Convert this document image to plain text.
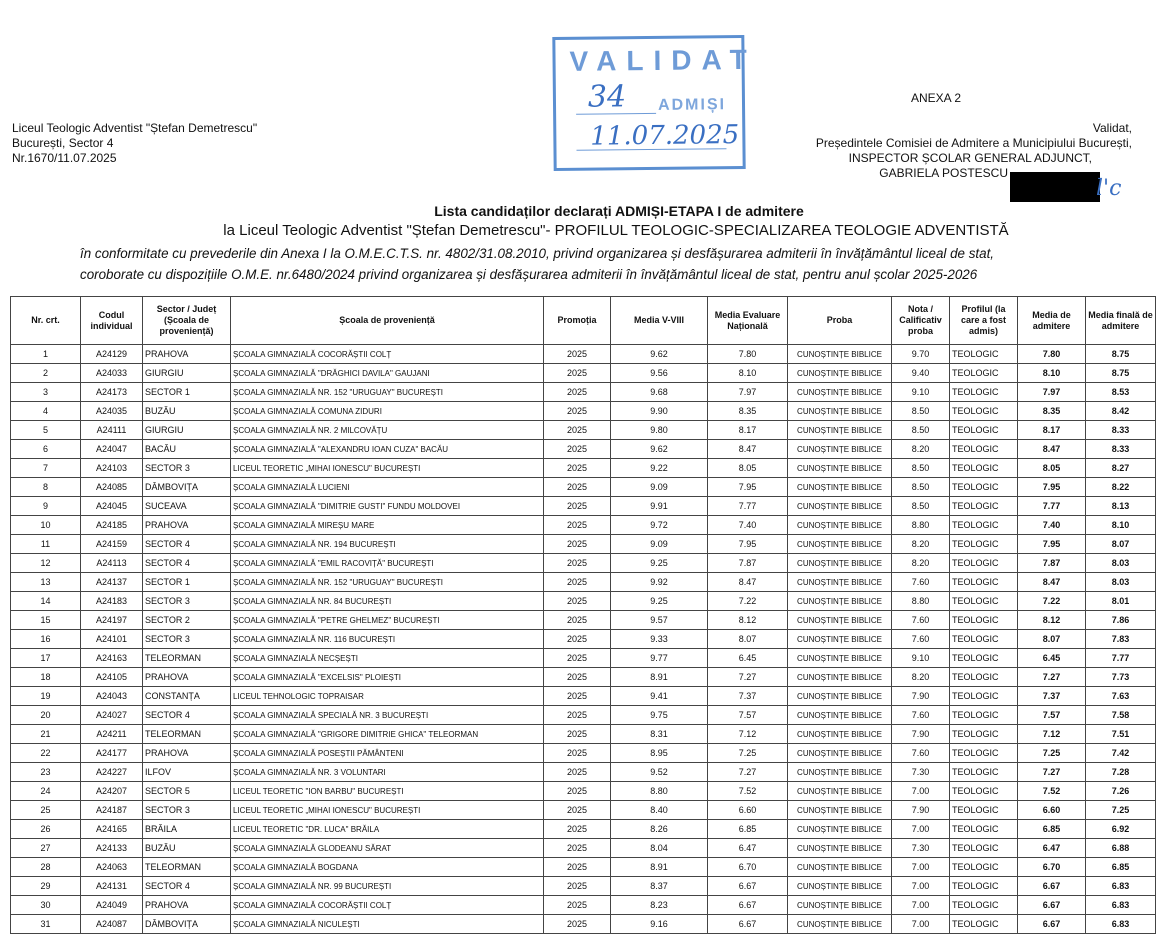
Liceul Teologic Adventist "Ștefan Demetrescu"
București, Sector 4
Nr.1670/11.07.2025
VALIDAT
34 ADMIȘI
11.07.2025
ANEXA 2
Validat,
Președintele Comisiei de Admitere a Municipiului București,
INSPECTOR ȘCOLAR GENERAL ADJUNCT,
GABRIELA POSTESCU
l'c
Lista candidaților declarați ADMIȘI-ETAPA I de admitere
la Liceul Teologic Adventist "Ștefan Demetrescu"- PROFILUL TEOLOGIC-SPECIALIZAREA TEOLOGIE ADVENTISTĂ
în conformitate cu prevederile din Anexa I la O.M.E.C.T.S. nr. 4802/31.08.2010, privind organizarea și desfășurarea admiterii în învățământul liceal de stat,
coroborate cu dispozițiile O.M.E. nr.6480/2024 privind organizarea și desfășurarea admiterii în învățământul liceal de stat, pentru anul școlar 2025-2026
Nr. crt.	Codul individual	Sector / Județ (Școala de proveniență)	Școala de proveniență	Promoția	Media V-VIII	Media Evaluare Națională	Proba	Nota / Calificativ proba	Profilul (la care a fost admis)	Media de admitere	Media finală de admitere
1	A24129	PRAHOVA	ȘCOALA GIMNAZIALĂ COCORĂȘTII COLȚ	2025	9.62	7.80	CUNOȘTINȚE BIBLICE	9.70	TEOLOGIC	7.80	8.75
2	A24033	GIURGIU	ȘCOALA GIMNAZIALĂ "DRĂGHICI DAVILA" GAUJANI	2025	9.56	8.10	CUNOȘTINȚE BIBLICE	9.40	TEOLOGIC	8.10	8.75
3	A24173	SECTOR 1	ȘCOALA GIMNAZIALĂ NR. 152 "URUGUAY" BUCUREȘTI	2025	9.68	7.97	CUNOȘTINȚE BIBLICE	9.10	TEOLOGIC	7.97	8.53
4	A24035	BUZĂU	ȘCOALA GIMNAZIALĂ COMUNA ZIDURI	2025	9.90	8.35	CUNOȘTINȚE BIBLICE	8.50	TEOLOGIC	8.35	8.42
5	A24111	GIURGIU	ȘCOALA GIMNAZIALĂ NR. 2 MILCOVĂȚU	2025	9.80	8.17	CUNOȘTINȚE BIBLICE	8.50	TEOLOGIC	8.17	8.33
6	A24047	BACĂU	ȘCOALA GIMNAZIALĂ "ALEXANDRU IOAN CUZA" BACĂU	2025	9.62	8.47	CUNOȘTINȚE BIBLICE	8.20	TEOLOGIC	8.47	8.33
7	A24103	SECTOR 3	LICEUL TEORETIC „MIHAI IONESCU" BUCUREȘTI	2025	9.22	8.05	CUNOȘTINȚE BIBLICE	8.50	TEOLOGIC	8.05	8.27
8	A24085	DÂMBOVIȚA	ȘCOALA GIMNAZIALĂ LUCIENI	2025	9.09	7.95	CUNOȘTINȚE BIBLICE	8.50	TEOLOGIC	7.95	8.22
9	A24045	SUCEAVA	ȘCOALA GIMNAZIALĂ "DIMITRIE GUSTI" FUNDU MOLDOVEI	2025	9.91	7.77	CUNOȘTINȚE BIBLICE	8.50	TEOLOGIC	7.77	8.13
10	A24185	PRAHOVA	ȘCOALA GIMNAZIALĂ MIREȘU MARE	2025	9.72	7.40	CUNOȘTINȚE BIBLICE	8.80	TEOLOGIC	7.40	8.10
11	A24159	SECTOR 4	ȘCOALA GIMNAZIALĂ NR. 194 BUCUREȘTI	2025	9.09	7.95	CUNOȘTINȚE BIBLICE	8.20	TEOLOGIC	7.95	8.07
12	A24113	SECTOR 4	ȘCOALA GIMNAZIALĂ "EMIL RACOVIȚĂ" BUCUREȘTI	2025	9.25	7.87	CUNOȘTINȚE BIBLICE	8.20	TEOLOGIC	7.87	8.03
13	A24137	SECTOR 1	ȘCOALA GIMNAZIALĂ NR. 152 "URUGUAY" BUCUREȘTI	2025	9.92	8.47	CUNOȘTINȚE BIBLICE	7.60	TEOLOGIC	8.47	8.03
14	A24183	SECTOR 3	ȘCOALA GIMNAZIALĂ NR. 84 BUCUREȘTI	2025	9.25	7.22	CUNOȘTINȚE BIBLICE	8.80	TEOLOGIC	7.22	8.01
15	A24197	SECTOR 2	ȘCOALA GIMNAZIALĂ "PETRE GHELMEZ" BUCUREȘTI	2025	9.57	8.12	CUNOȘTINȚE BIBLICE	7.60	TEOLOGIC	8.12	7.86
16	A24101	SECTOR 3	ȘCOALA GIMNAZIALĂ NR. 116 BUCUREȘTI	2025	9.33	8.07	CUNOȘTINȚE BIBLICE	7.60	TEOLOGIC	8.07	7.83
17	A24163	TELEORMAN	ȘCOALA GIMNAZIALĂ NECȘEȘTI	2025	9.77	6.45	CUNOȘTINȚE BIBLICE	9.10	TEOLOGIC	6.45	7.77
18	A24105	PRAHOVA	ȘCOALA GIMNAZIALĂ "EXCELSIS" PLOIEȘTI	2025	8.91	7.27	CUNOȘTINȚE BIBLICE	8.20	TEOLOGIC	7.27	7.73
19	A24043	CONSTANȚA	LICEUL TEHNOLOGIC TOPRAISAR	2025	9.41	7.37	CUNOȘTINȚE BIBLICE	7.90	TEOLOGIC	7.37	7.63
20	A24027	SECTOR 4	ȘCOALA GIMNAZIALĂ SPECIALĂ NR. 3 BUCUREȘTI	2025	9.75	7.57	CUNOȘTINȚE BIBLICE	7.60	TEOLOGIC	7.57	7.58
21	A24211	TELEORMAN	ȘCOALA GIMNAZIALĂ "GRIGORE DIMITRIE GHICA" TELEORMAN	2025	8.31	7.12	CUNOȘTINȚE BIBLICE	7.90	TEOLOGIC	7.12	7.51
22	A24177	PRAHOVA	ȘCOALA GIMNAZIALĂ POSEȘTII PĂMÂNTENI	2025	8.95	7.25	CUNOȘTINȚE BIBLICE	7.60	TEOLOGIC	7.25	7.42
23	A24227	ILFOV	ȘCOALA GIMNAZIALĂ NR. 3 VOLUNTARI	2025	9.52	7.27	CUNOȘTINȚE BIBLICE	7.30	TEOLOGIC	7.27	7.28
24	A24207	SECTOR 5	LICEUL TEORETIC "ION BARBU" BUCUREȘTI	2025	8.80	7.52	CUNOȘTINȚE BIBLICE	7.00	TEOLOGIC	7.52	7.26
25	A24187	SECTOR 3	LICEUL TEORETIC „MIHAI IONESCU" BUCUREȘTI	2025	8.40	6.60	CUNOȘTINȚE BIBLICE	7.90	TEOLOGIC	6.60	7.25
26	A24165	BRĂILA	LICEUL TEORETIC "DR. LUCA" BRĂILA	2025	8.26	6.85	CUNOȘTINȚE BIBLICE	7.00	TEOLOGIC	6.85	6.92
27	A24133	BUZĂU	ȘCOALA GIMNAZIALĂ GLODEANU SĂRAT	2025	8.04	6.47	CUNOȘTINȚE BIBLICE	7.30	TEOLOGIC	6.47	6.88
28	A24063	TELEORMAN	ȘCOALA GIMNAZIALĂ BOGDANA	2025	8.91	6.70	CUNOȘTINȚE BIBLICE	7.00	TEOLOGIC	6.70	6.85
29	A24131	SECTOR 4	ȘCOALA GIMNAZIALĂ NR. 99 BUCUREȘTI	2025	8.37	6.67	CUNOȘTINȚE BIBLICE	7.00	TEOLOGIC	6.67	6.83
30	A24049	PRAHOVA	ȘCOALA GIMNAZIALĂ COCORĂȘTII COLȚ	2025	8.23	6.67	CUNOȘTINȚE BIBLICE	7.00	TEOLOGIC	6.67	6.83
31	A24087	DÂMBOVIȚA	ȘCOALA GIMNAZIALĂ NICULEȘTI	2025	9.16	6.67	CUNOȘTINȚE BIBLICE	7.00	TEOLOGIC	6.67	6.83
